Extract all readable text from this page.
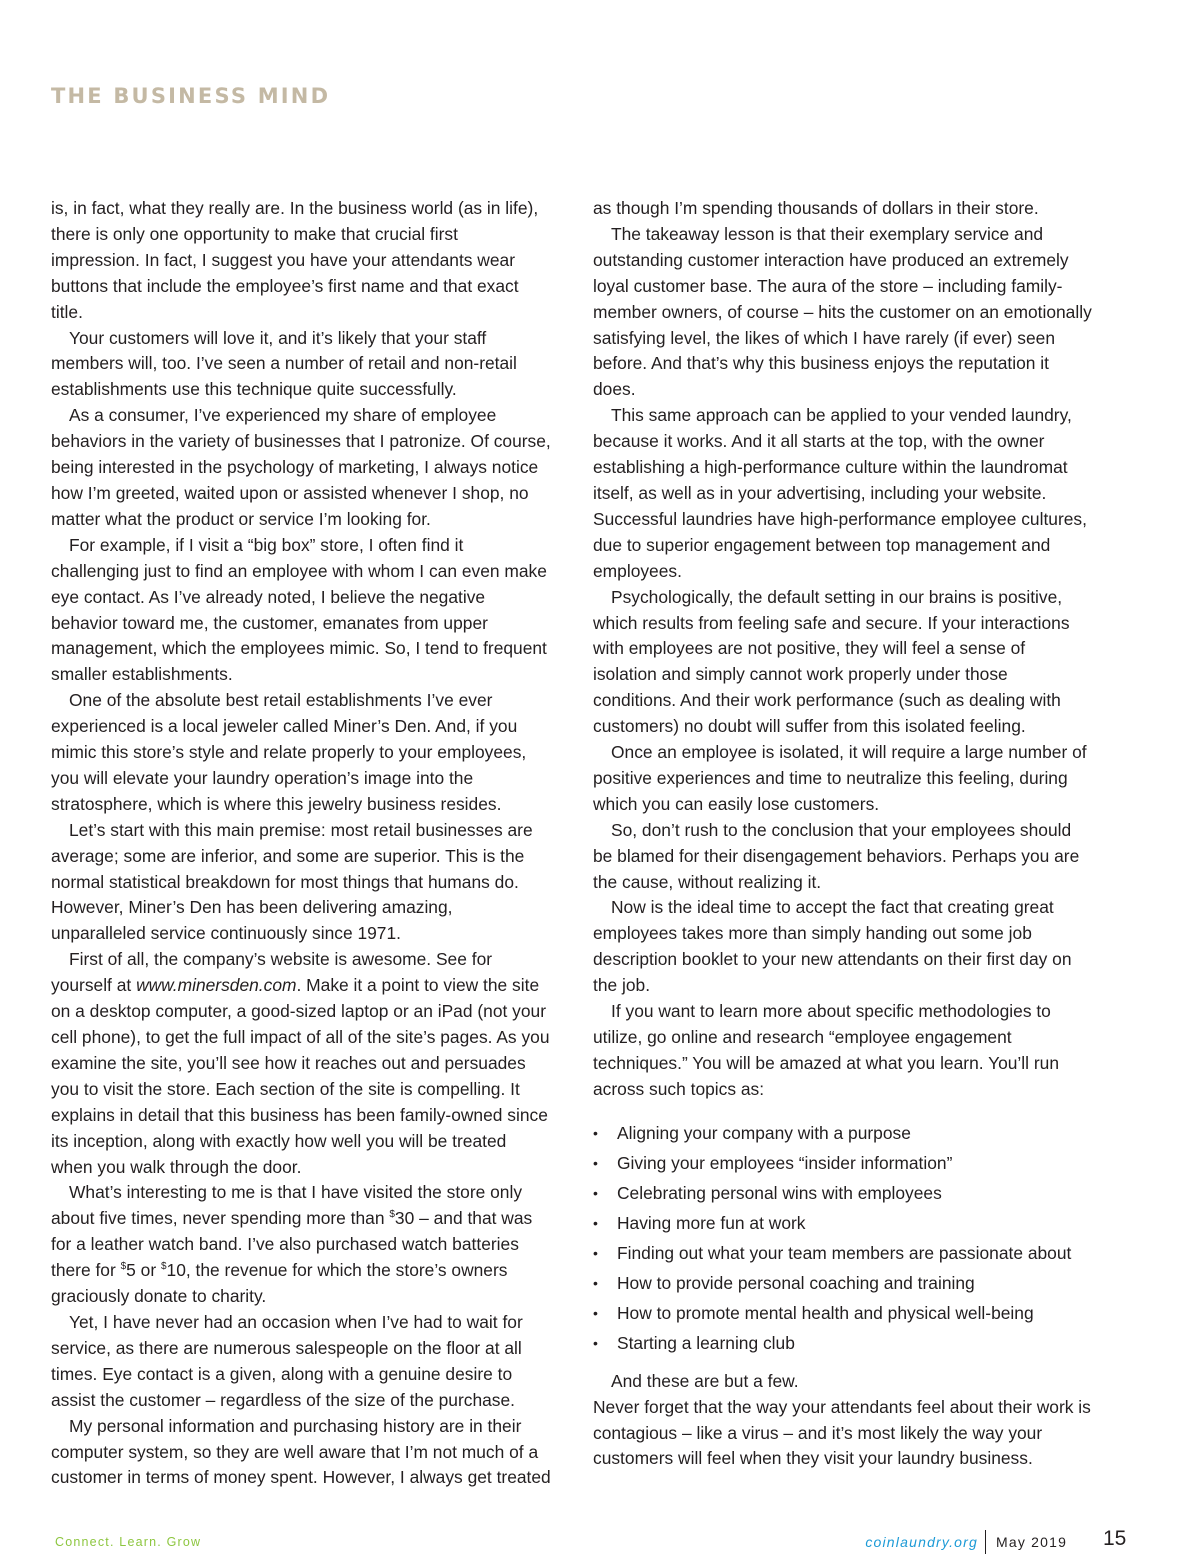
THE BUSINESS MIND

is, in fact, what they really are. In the business world (as in life), there is only one opportunity to make that crucial first impression. In fact, I suggest you have your attendants wear buttons that include the employee’s first name and that exact title.

Your customers will love it, and it’s likely that your staff members will, too. I’ve seen a number of retail and non-retail establishments use this technique quite successfully.

As a consumer, I’ve experienced my share of employee behaviors in the variety of businesses that I patronize. Of course, being interested in the psychology of marketing, I always notice how I’m greeted, waited upon or assisted whenever I shop, no matter what the product or service I’m looking for.

For example, if I visit a “big box” store, I often find it challenging just to find an employee with whom I can even make eye contact. As I’ve already noted, I believe the negative behavior toward me, the customer, emanates from upper management, which the employees mimic. So, I tend to frequent smaller establishments.

One of the absolute best retail establishments I’ve ever experienced is a local jeweler called Miner’s Den. And, if you mimic this store’s style and relate properly to your employees, you will elevate your laundry operation’s image into the stratosphere, which is where this jewelry business resides.

Let’s start with this main premise: most retail businesses are average; some are inferior, and some are superior. This is the normal statistical breakdown for most things that humans do. However, Miner’s Den has been delivering amazing, unparalleled service continuously since 1971.

First of all, the company’s website is awesome. See for yourself at www.minersden.com. Make it a point to view the site on a desktop computer, a good-sized laptop or an iPad (not your cell phone), to get the full impact of all of the site’s pages. As you examine the site, you’ll see how it reaches out and persuades you to visit the store. Each section of the site is compelling. It explains in detail that this business has been family-owned since its inception, along with exactly how well you will be treated when you walk through the door.

What’s interesting to me is that I have visited the store only about five times, never spending more than $30 – and that was for a leather watch band. I’ve also purchased watch batteries there for $5 or $10, the revenue for which the store’s owners graciously donate to charity.

Yet, I have never had an occasion when I’ve had to wait for service, as there are numerous salespeople on the floor at all times. Eye contact is a given, along with a genuine desire to assist the customer – regardless of the size of the purchase.

My personal information and purchasing history are in their computer system, so they are well aware that I’m not much of a customer in terms of money spent. However, I always get treated

as though I’m spending thousands of dollars in their store.

The takeaway lesson is that their exemplary service and outstanding customer interaction have produced an extremely loyal customer base. The aura of the store – including family-member owners, of course – hits the customer on an emotionally satisfying level, the likes of which I have rarely (if ever) seen before. And that’s why this business enjoys the reputation it does.

This same approach can be applied to your vended laundry, because it works. And it all starts at the top, with the owner establishing a high-performance culture within the laundromat itself, as well as in your advertising, including your website. Successful laundries have high-performance employee cultures, due to superior engagement between top management and employees.

Psychologically, the default setting in our brains is positive, which results from feeling safe and secure. If your interactions with employees are not positive, they will feel a sense of isolation and simply cannot work properly under those conditions. And their work performance (such as dealing with customers) no doubt will suffer from this isolated feeling.

Once an employee is isolated, it will require a large number of positive experiences and time to neutralize this feeling, during which you can easily lose customers.

So, don’t rush to the conclusion that your employees should be blamed for their disengagement behaviors. Perhaps you are the cause, without realizing it.

Now is the ideal time to accept the fact that creating great employees takes more than simply handing out some job description booklet to your new attendants on their first day on the job.

If you want to learn more about specific methodologies to utilize, go online and research “employee engagement techniques.” You will be amazed at what you learn. You’ll run across such topics as:

• Aligning your company with a purpose
• Giving your employees “insider information”
• Celebrating personal wins with employees
• Having more fun at work
• Finding out what your team members are passionate about
• How to provide personal coaching and training
• How to promote mental health and physical well-being
• Starting a learning club

And these are but a few.

Never forget that the way your attendants feel about their work is contagious – like a virus – and it’s most likely the way your customers will feel when they visit your laundry business.

Connect. Learn. Grow	coinlaundry.org May 2019 15
